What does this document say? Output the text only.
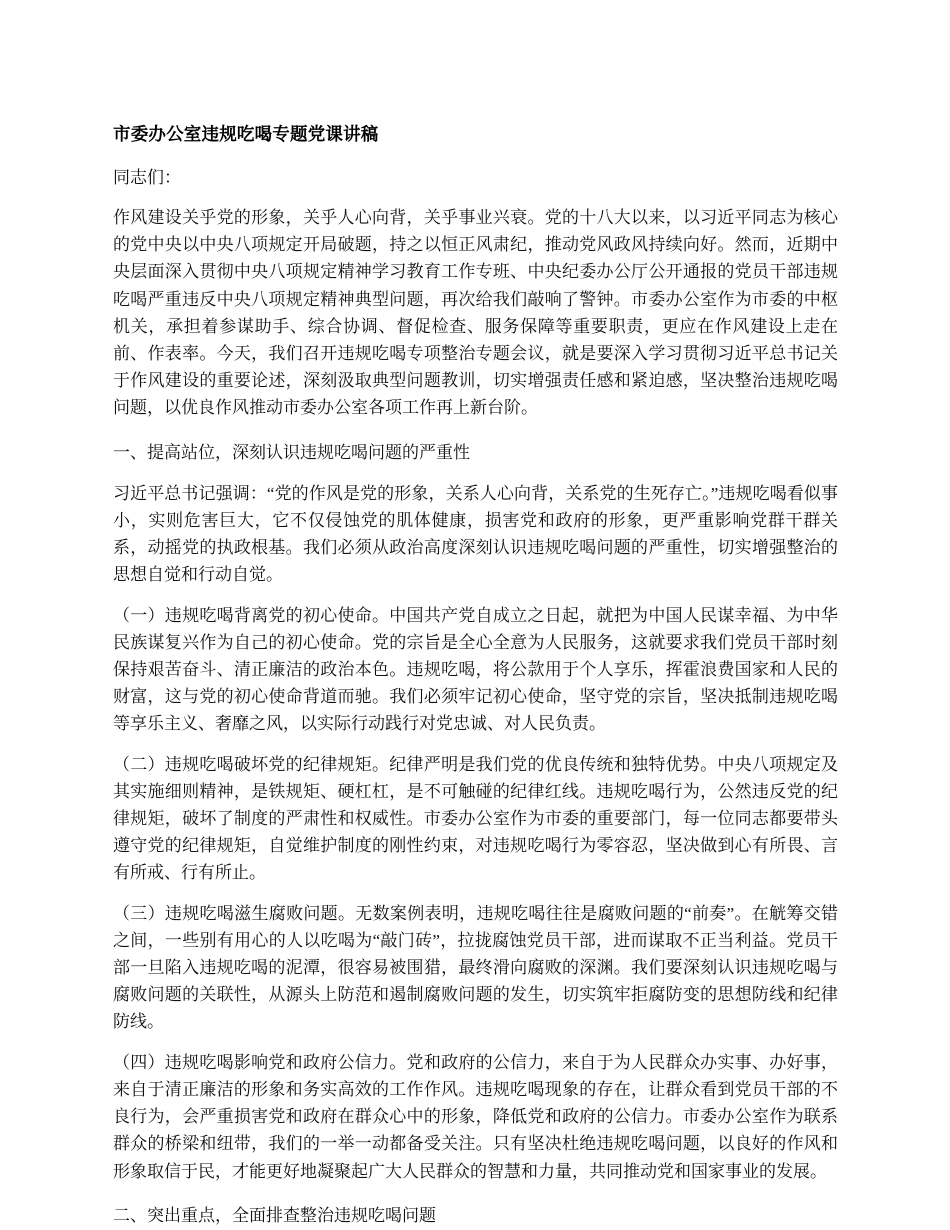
市委办公室违规吃喝专题党课讲稿

同志们：

作风建设关乎党的形象，关乎人心向背，关乎事业兴衰。党的十八大以来，以习近平同志为核心的党中央以中央八项规定开局破题，持之以恒正风肃纪，推动党风政风持续向好。然而，近期中央层面深入贯彻中央八项规定精神学习教育工作专班、中央纪委办公厅公开通报的党员干部违规吃喝严重违反中央八项规定精神典型问题，再次给我们敲响了警钟。市委办公室作为市委的中枢机关，承担着参谋助手、综合协调、督促检查、服务保障等重要职责，更应在作风建设上走在前、作表率。今天，我们召开违规吃喝专项整治专题会议，就是要深入学习贯彻习近平总书记关于作风建设的重要论述，深刻汲取典型问题教训，切实增强责任感和紧迫感，坚决整治违规吃喝问题，以优良作风推动市委办公室各项工作再上新台阶。

一、提高站位，深刻认识违规吃喝问题的严重性

习近平总书记强调：“党的作风是党的形象，关系人心向背，关系党的生死存亡。”违规吃喝看似事小，实则危害巨大，它不仅侵蚀党的肌体健康，损害党和政府的形象，更严重影响党群干群关系，动摇党的执政根基。我们必须从政治高度深刻认识违规吃喝问题的严重性，切实增强整治的思想自觉和行动自觉。

（一）违规吃喝背离党的初心使命。中国共产党自成立之日起，就把为中国人民谋幸福、为中华民族谋复兴作为自己的初心使命。党的宗旨是全心全意为人民服务，这就要求我们党员干部时刻保持艰苦奋斗、清正廉洁的政治本色。违规吃喝，将公款用于个人享乐，挥霍浪费国家和人民的财富，这与党的初心使命背道而驰。我们必须牢记初心使命，坚守党的宗旨，坚决抵制违规吃喝等享乐主义、奢靡之风，以实际行动践行对党忠诚、对人民负责。

（二）违规吃喝破坏党的纪律规矩。纪律严明是我们党的优良传统和独特优势。中央八项规定及其实施细则精神，是铁规矩、硬杠杠，是不可触碰的纪律红线。违规吃喝行为，公然违反党的纪律规矩，破坏了制度的严肃性和权威性。市委办公室作为市委的重要部门，每一位同志都要带头遵守党的纪律规矩，自觉维护制度的刚性约束，对违规吃喝行为零容忍，坚决做到心有所畏、言有所戒、行有所止。

（三）违规吃喝滋生腐败问题。无数案例表明，违规吃喝往往是腐败问题的“前奏”。在觥筹交错之间，一些别有用心的人以吃喝为“敲门砖”，拉拢腐蚀党员干部，进而谋取不正当利益。党员干部一旦陷入违规吃喝的泥潭，很容易被围猎，最终滑向腐败的深渊。我们要深刻认识违规吃喝与腐败问题的关联性，从源头上防范和遏制腐败问题的发生，切实筑牢拒腐防变的思想防线和纪律防线。

（四）违规吃喝影响党和政府公信力。党和政府的公信力，来自于为人民群众办实事、办好事，来自于清正廉洁的形象和务实高效的工作作风。违规吃喝现象的存在，让群众看到党员干部的不良行为，会严重损害党和政府在群众心中的形象，降低党和政府的公信力。市委办公室作为联系群众的桥梁和纽带，我们的一举一动都备受关注。只有坚决杜绝违规吃喝问题，以良好的作风和形象取信于民，才能更好地凝聚起广大人民群众的智慧和力量，共同推动党和国家事业的发展。

二、突出重点，全面排查整治违规吃喝问题
